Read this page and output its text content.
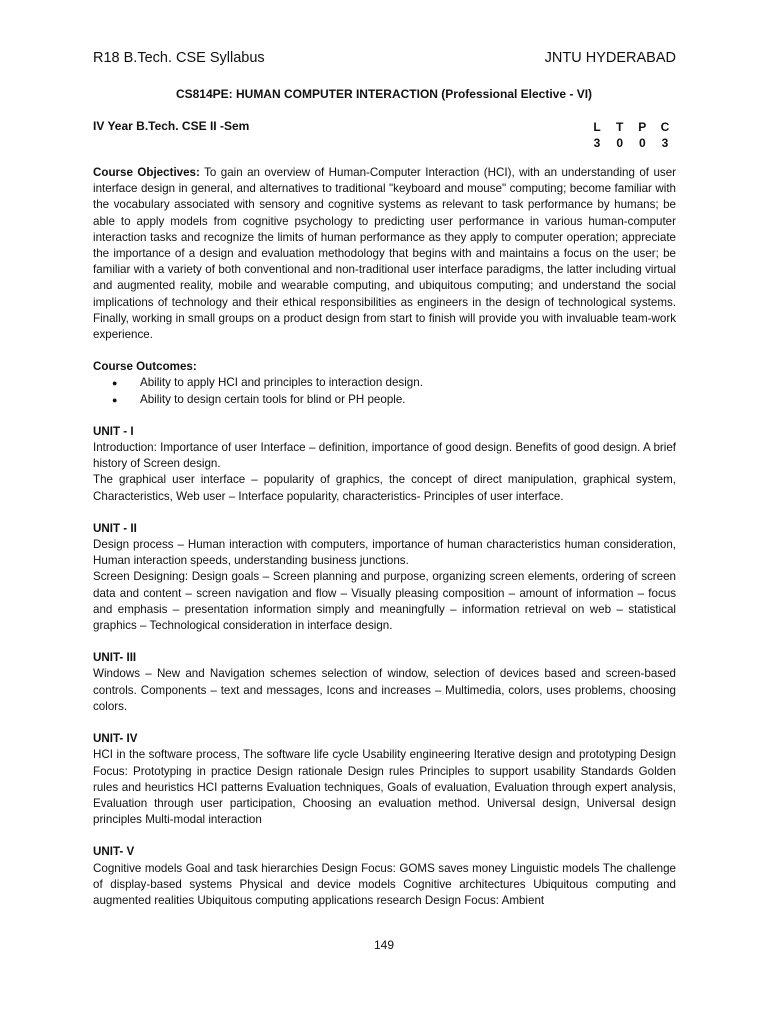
R18 B.Tech. CSE Syllabus	JNTU HYDERABAD
CS814PE: HUMAN COMPUTER INTERACTION (Professional Elective - VI)
IV Year B.Tech. CSE II -Sem	L	T	P	C
3	0	0	3

Course Objectives: To gain an overview of Human-Computer Interaction (HCI), with an understanding of user interface design in general, and alternatives to traditional "keyboard and mouse" computing; become familiar with the vocabulary associated with sensory and cognitive systems as relevant to task performance by humans; be able to apply models from cognitive psychology to predicting user performance in various human-computer interaction tasks and recognize the limits of human performance as they apply to computer operation; appreciate the importance of a design and evaluation methodology that begins with and maintains a focus on the user; be familiar with a variety of both conventional and non-traditional user interface paradigms, the latter including virtual and augmented reality, mobile and wearable computing, and ubiquitous computing; and understand the social implications of technology and their ethical responsibilities as engineers in the design of technological systems. Finally, working in small groups on a product design from start to finish will provide you with invaluable team-work experience.

Course Outcomes:
● Ability to apply HCI and principles to interaction design.
● Ability to design certain tools for blind or PH people.
UNIT - I

Introduction: Importance of user Interface – definition, importance of good design. Benefits of good design. A brief history of Screen design.

The graphical user interface – popularity of graphics, the concept of direct manipulation, graphical system, Characteristics, Web user – Interface popularity, characteristics- Principles of user interface.

UNIT - II

Design process – Human interaction with computers, importance of human characteristics human consideration, Human interaction speeds, understanding business junctions.

Screen Designing: Design goals – Screen planning and purpose, organizing screen elements, ordering of screen data and content – screen navigation and flow – Visually pleasing composition – amount of information – focus and emphasis – presentation information simply and meaningfully – information retrieval on web – statistical graphics – Technological consideration in interface design.

UNIT- III

Windows – New and Navigation schemes selection of window, selection of devices based and screen-based controls. Components – text and messages, Icons and increases – Multimedia, colors, uses problems, choosing colors.

UNIT- IV

HCI in the software process, The software life cycle Usability engineering Iterative design and prototyping Design Focus: Prototyping in practice Design rationale Design rules Principles to support usability Standards Golden rules and heuristics HCI patterns Evaluation techniques, Goals of evaluation, Evaluation through expert analysis, Evaluation through user participation, Choosing an evaluation method. Universal design, Universal design principles Multi-modal interaction

UNIT- V

Cognitive models Goal and task hierarchies Design Focus: GOMS saves money Linguistic models The challenge of display-based systems Physical and device models Cognitive architectures Ubiquitous computing and augmented realities Ubiquitous computing applications research Design Focus: Ambient

149
